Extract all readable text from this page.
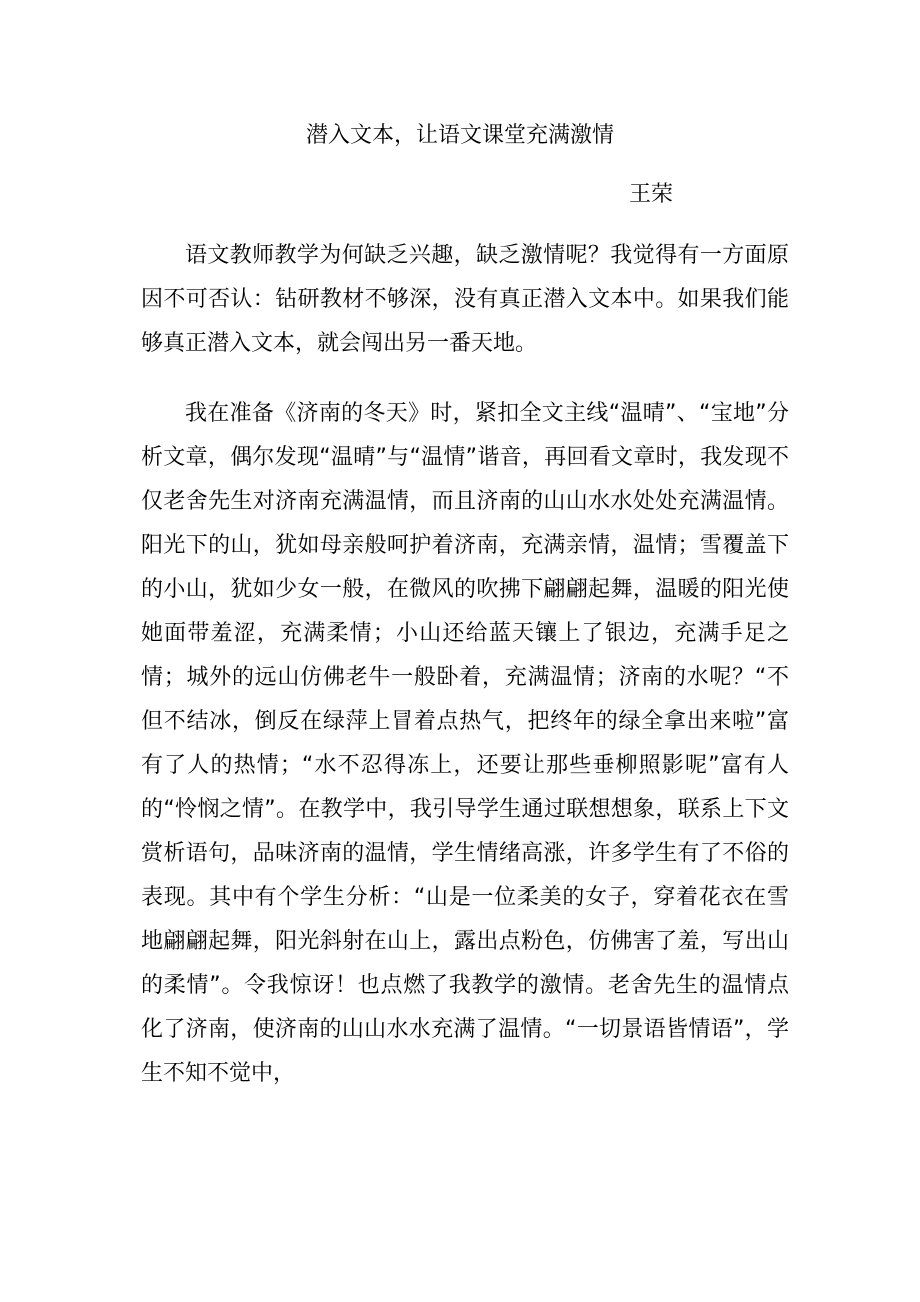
潜入文本，让语文课堂充满激情
王荣

语文教师教学为何缺乏兴趣，缺乏激情呢？我觉得有一方面原因不可否认：钻研教材不够深，没有真正潜入文本中。如果我们能够真正潜入文本，就会闯出另一番天地。

我在准备《济南的冬天》时，紧扣全文主线“温晴”、“宝地”分析文章，偶尔发现“温晴”与“温情”谐音，再回看文章时，我发现不仅老舍先生对济南充满温情，而且济南的山山水水处处充满温情。阳光下的山，犹如母亲般呵护着济南，充满亲情，温情；雪覆盖下的小山，犹如少女一般，在微风的吹拂下翩翩起舞，温暖的阳光使她面带羞涩，充满柔情；小山还给蓝天镶上了银边，充满手足之情；城外的远山仿佛老牛一般卧着，充满温情；济南的水呢？“不但不结冰，倒反在绿萍上冒着点热气，把终年的绿全拿出来啦”富有了人的热情；“水不忍得冻上，还要让那些垂柳照影呢”富有人的“怜悯之情”。在教学中，我引导学生通过联想想象，联系上下文赏析语句，品味济南的温情，学生情绪高涨，许多学生有了不俗的表现。其中有个学生分析：“山是一位柔美的女子，穿着花衣在雪地翩翩起舞，阳光斜射在山上，露出点粉色，仿佛害了羞，写出山的柔情”。令我惊讶！也点燃了我教学的激情。老舍先生的温情点化了济南，使济南的山山水水充满了温情。“一切景语皆情语”，学生不知不觉中，
